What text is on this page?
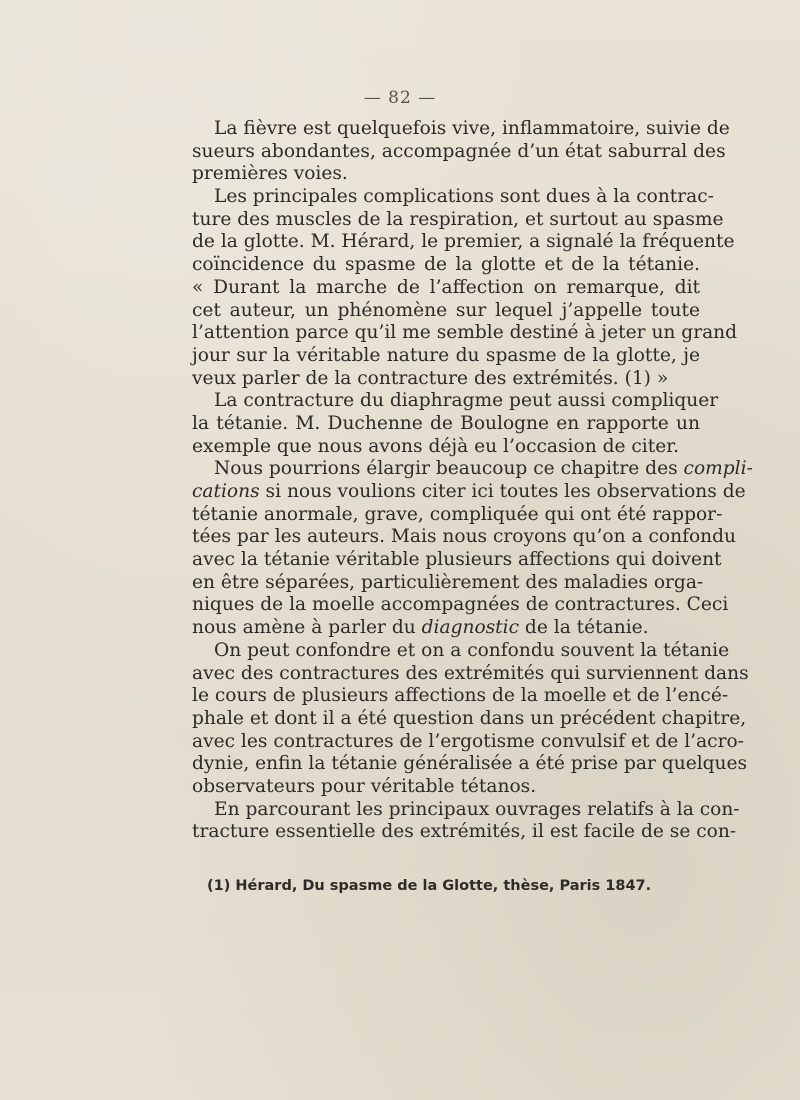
— 82 —
La fièvre est quelquefois vive, inflammatoire, suivie de
sueurs abondantes, accompagnée d’un état saburral des
premières voies.
Les principales complications sont dues à la contrac-
ture des muscles de la respiration, et surtout au spasme
de la glotte. M. Hérard, le premier, a signalé la fréquente
coïncidence du spasme de la glotte et de la tétanie.
« Durant la marche de l’affection on remarque, dit
cet auteur, un phénomène sur lequel j’appelle toute
l’attention parce qu’il me semble destiné à jeter un grand
jour sur la véritable nature du spasme de la glotte, je
veux parler de la contracture des extrémités. (1) »
La contracture du diaphragme peut aussi compliquer
la tétanie. M. Duchenne de Boulogne en rapporte un
exemple que nous avons déjà eu l’occasion de citer.
Nous pourrions élargir beaucoup ce chapitre des compli-
cations si nous voulions citer ici toutes les observations de
tétanie anormale, grave, compliquée qui ont été rappor-
tées par les auteurs. Mais nous croyons qu’on a confondu
avec la tétanie véritable plusieurs affections qui doivent
en être séparées, particulièrement des maladies orga-
niques de la moelle accompagnées de contractures. Ceci
nous amène à parler du diagnostic de la tétanie.
On peut confondre et on a confondu souvent la tétanie
avec des contractures des extrémités qui surviennent dans
le cours de plusieurs affections de la moelle et de l’encé-
phale et dont il a été question dans un précédent chapitre,
avec les contractures de l’ergotisme convulsif et de l’acro-
dynie, enfin la tétanie généralisée a été prise par quelques
observateurs pour véritable tétanos.
En parcourant les principaux ouvrages relatifs à la con-
tracture essentielle des extrémités, il est facile de se con-
(1) Hérard, Du spasme de la Glotte, thèse, Paris 1847.
